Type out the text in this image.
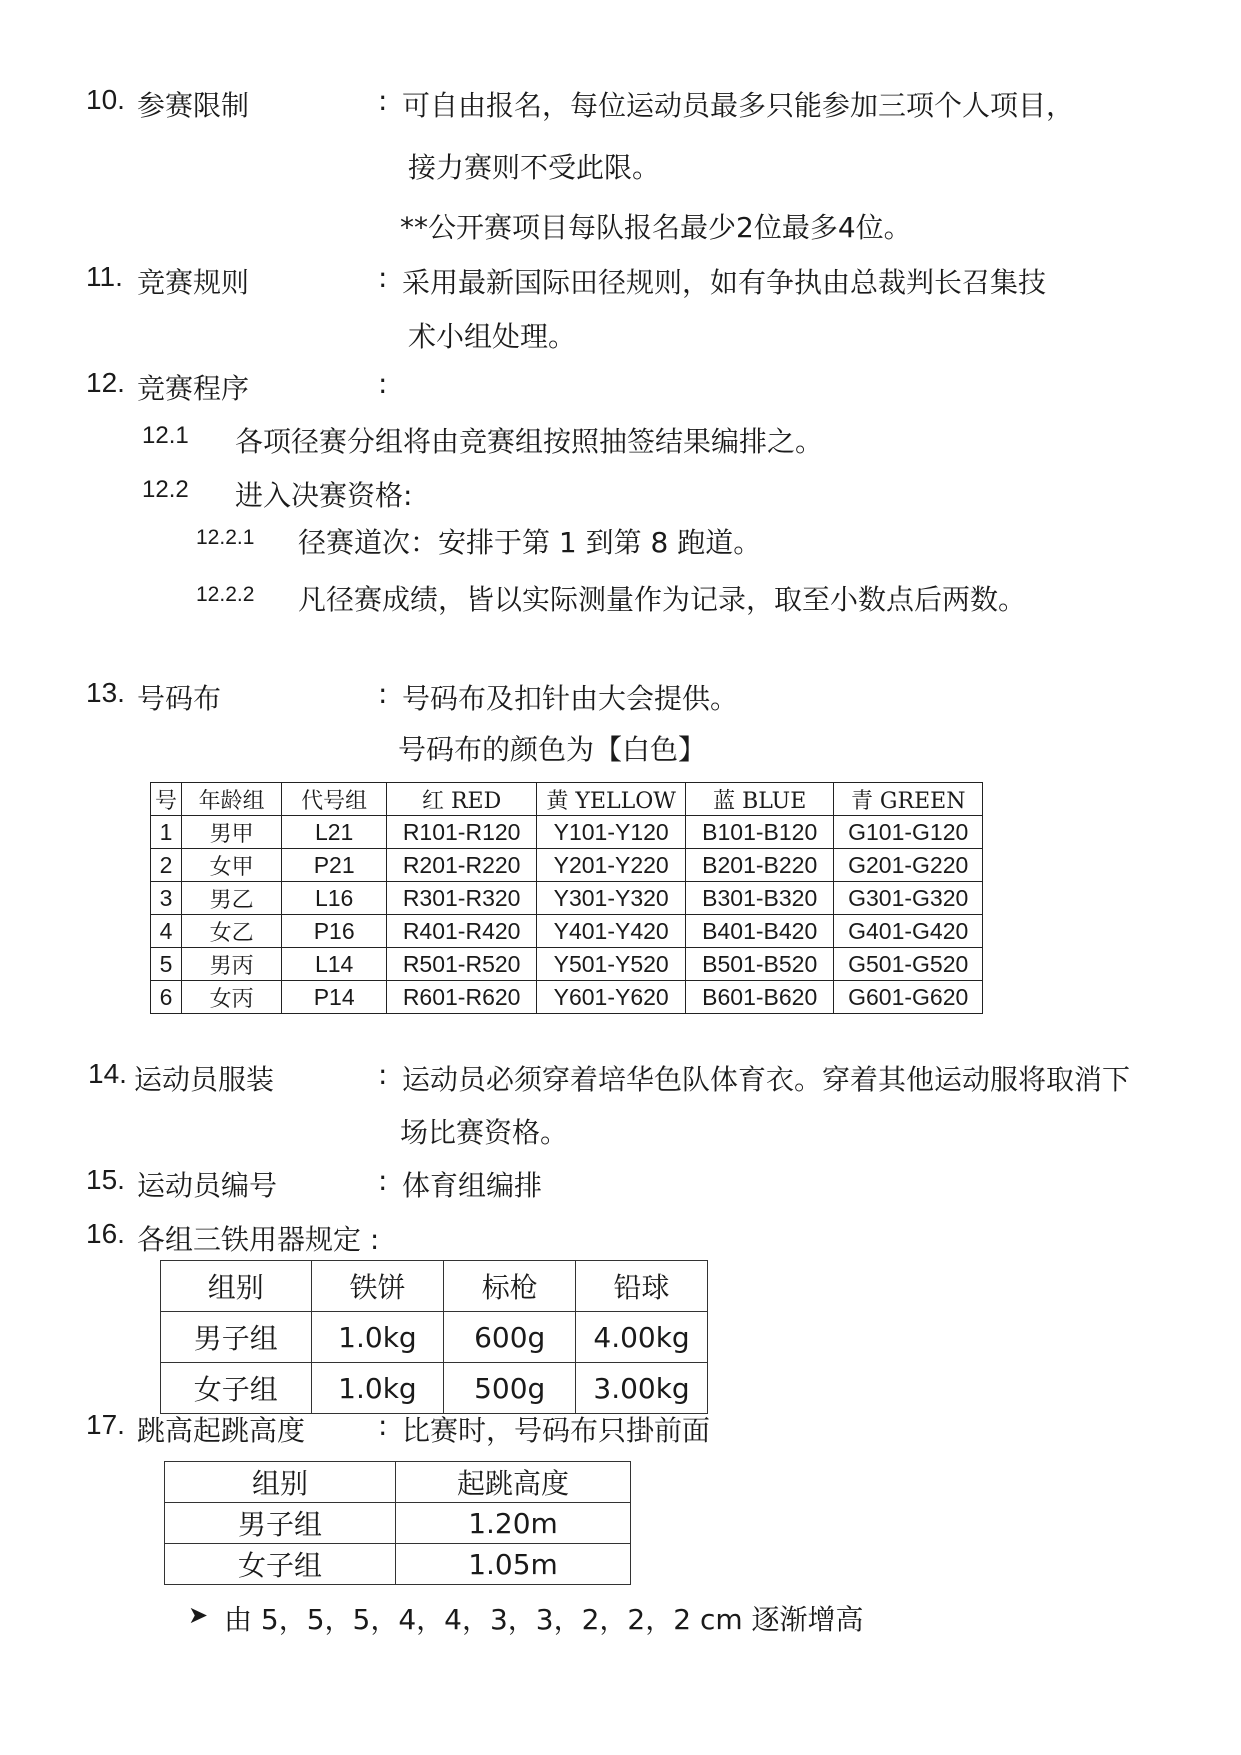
10. 参赛限制	: 可自由报名，每位运动员最多只能参加三项个人项目，
接力赛则不受此限。
**公开赛项目每队报名最少2位最多4位。
11. 竞赛规则	: 采用最新国际田径规则，如有争执由总裁判长召集技
术小组处理。
12. 竞赛程序	:
12.1 各项径赛分组将由竞赛组按照抽签结果编排之。
12.2 进入决赛资格:
12.2.1 径赛道次：安排于第 1 到第 8 跑道。
12.2.2 凡径赛成绩，皆以实际测量作为记录，取至小数点后两数。
13. 号码布	: 号码布及扣针由大会提供。
号码布的颜色为【白色】
号	年龄组	代号组	红 RED	黄 YELLOW	蓝 BLUE	青 GREEN
1	男甲	L21	R101-R120	Y101-Y120	B101-B120	G101-G120
2	女甲	P21	R201-R220	Y201-Y220	B201-B220	G201-G220
3	男乙	L16	R301-R320	Y301-Y320	B301-B320	G301-G320
4	女乙	P16	R401-R420	Y401-Y420	B401-B420	G401-G420
5	男丙	L14	R501-R520	Y501-Y520	B501-B520	G501-G520
6	女丙	P14	R601-R620	Y601-Y620	B601-B620	G601-G620
14. 运动员服装	: 运动员必须穿着培华色队体育衣。穿着其他运动服将取消下
场比赛资格。
15. 运动员编号	: 体育组编排
16. 各组三铁用器规定 :
组别	铁饼	标枪	铅球
男子组	1.0kg	600g	4.00kg
女子组	1.0kg	500g	3.00kg
17. 跳高起跳高度	: 比赛时，号码布只掛前面
组别	起跳高度
男子组	1.20m
女子组	1.05m
➤ 由 5，5，5，4，4，3，3，2，2，2 cm 逐渐增高
